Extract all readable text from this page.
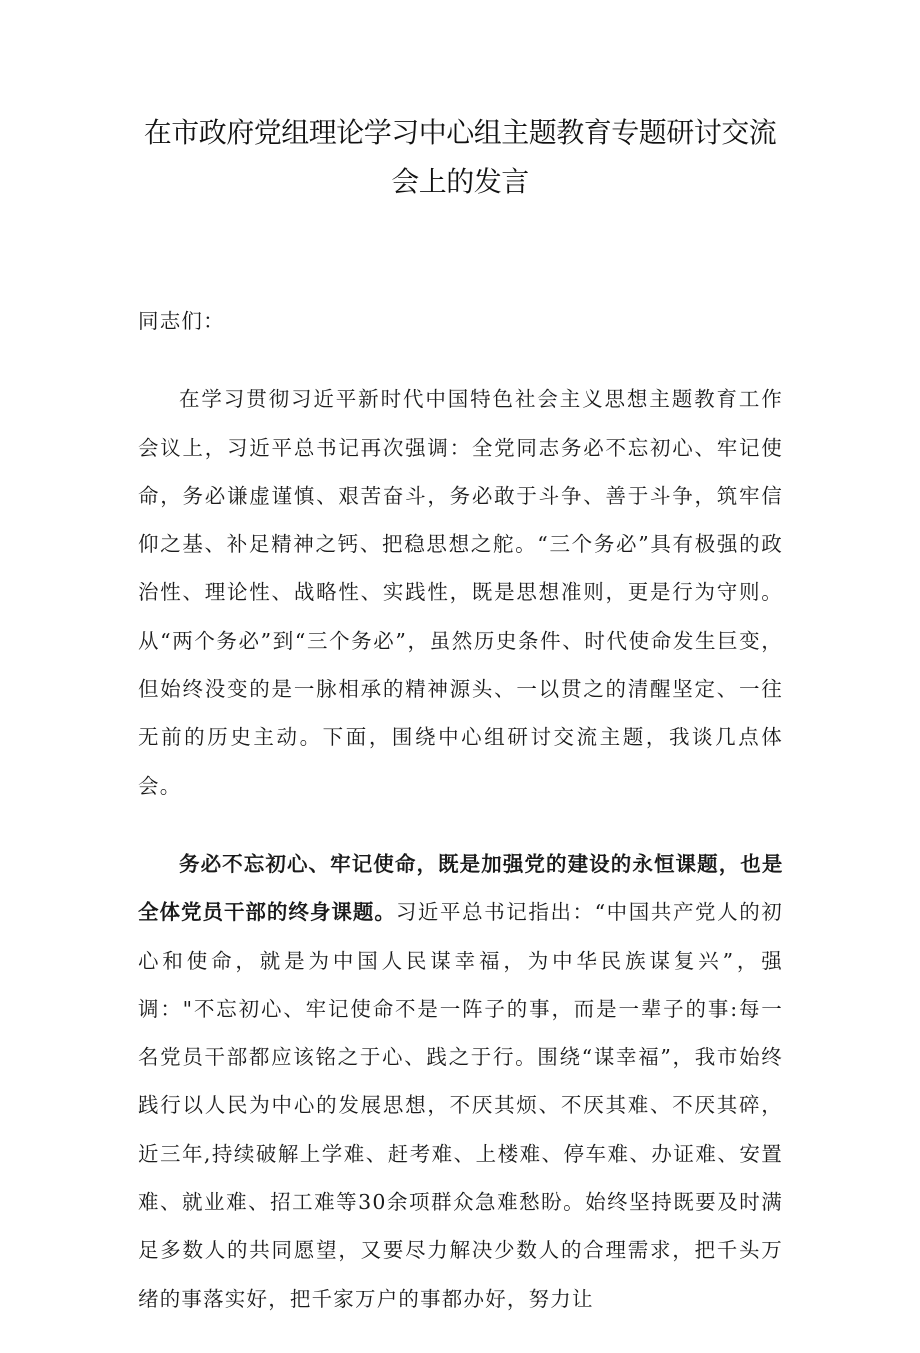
在市政府党组理论学习中心组主题教育专题研讨交流
会上的发言

同志们：

在学习贯彻习近平新时代中国特色社会主义思想主题教育工作会议上，习近平总书记再次强调：全党同志务必不忘初心、牢记使命，务必谦虚谨慎、艰苦奋斗，务必敢于斗争、善于斗争，筑牢信仰之基、补足精神之钙、把稳思想之舵。“三个务必”具有极强的政治性、理论性、战略性、实践性，既是思想准则，更是行为守则。从“两个务必”到“三个务必”，虽然历史条件、时代使命发生巨变，但始终没变的是一脉相承的精神源头、一以贯之的清醒坚定、一往无前的历史主动。下面，围绕中心组研讨交流主题，我谈几点体会。

务必不忘初心、牢记使命，既是加强党的建设的永恒课题，也是全体党员干部的终身课题。习近平总书记指出：“中国共产党人的初心和使命，就是为中国人民谋幸福，为中华民族谋复兴”，强调："不忘初心、牢记使命不是一阵子的事，而是一辈子的事:每一名党员干部都应该铭之于心、践之于行。围绕“谋幸福”，我市始终践行以人民为中心的发展思想，不厌其烦、不厌其难、不厌其碎，近三年,持续破解上学难、赶考难、上楼难、停车难、办证难、安置难、就业难、招工难等30余项群众急难愁盼。始终坚持既要及时满足多数人的共同愿望，又要尽力解决少数人的合理需求，把千头万绪的事落实好，把千家万户的事都办好，努力让
